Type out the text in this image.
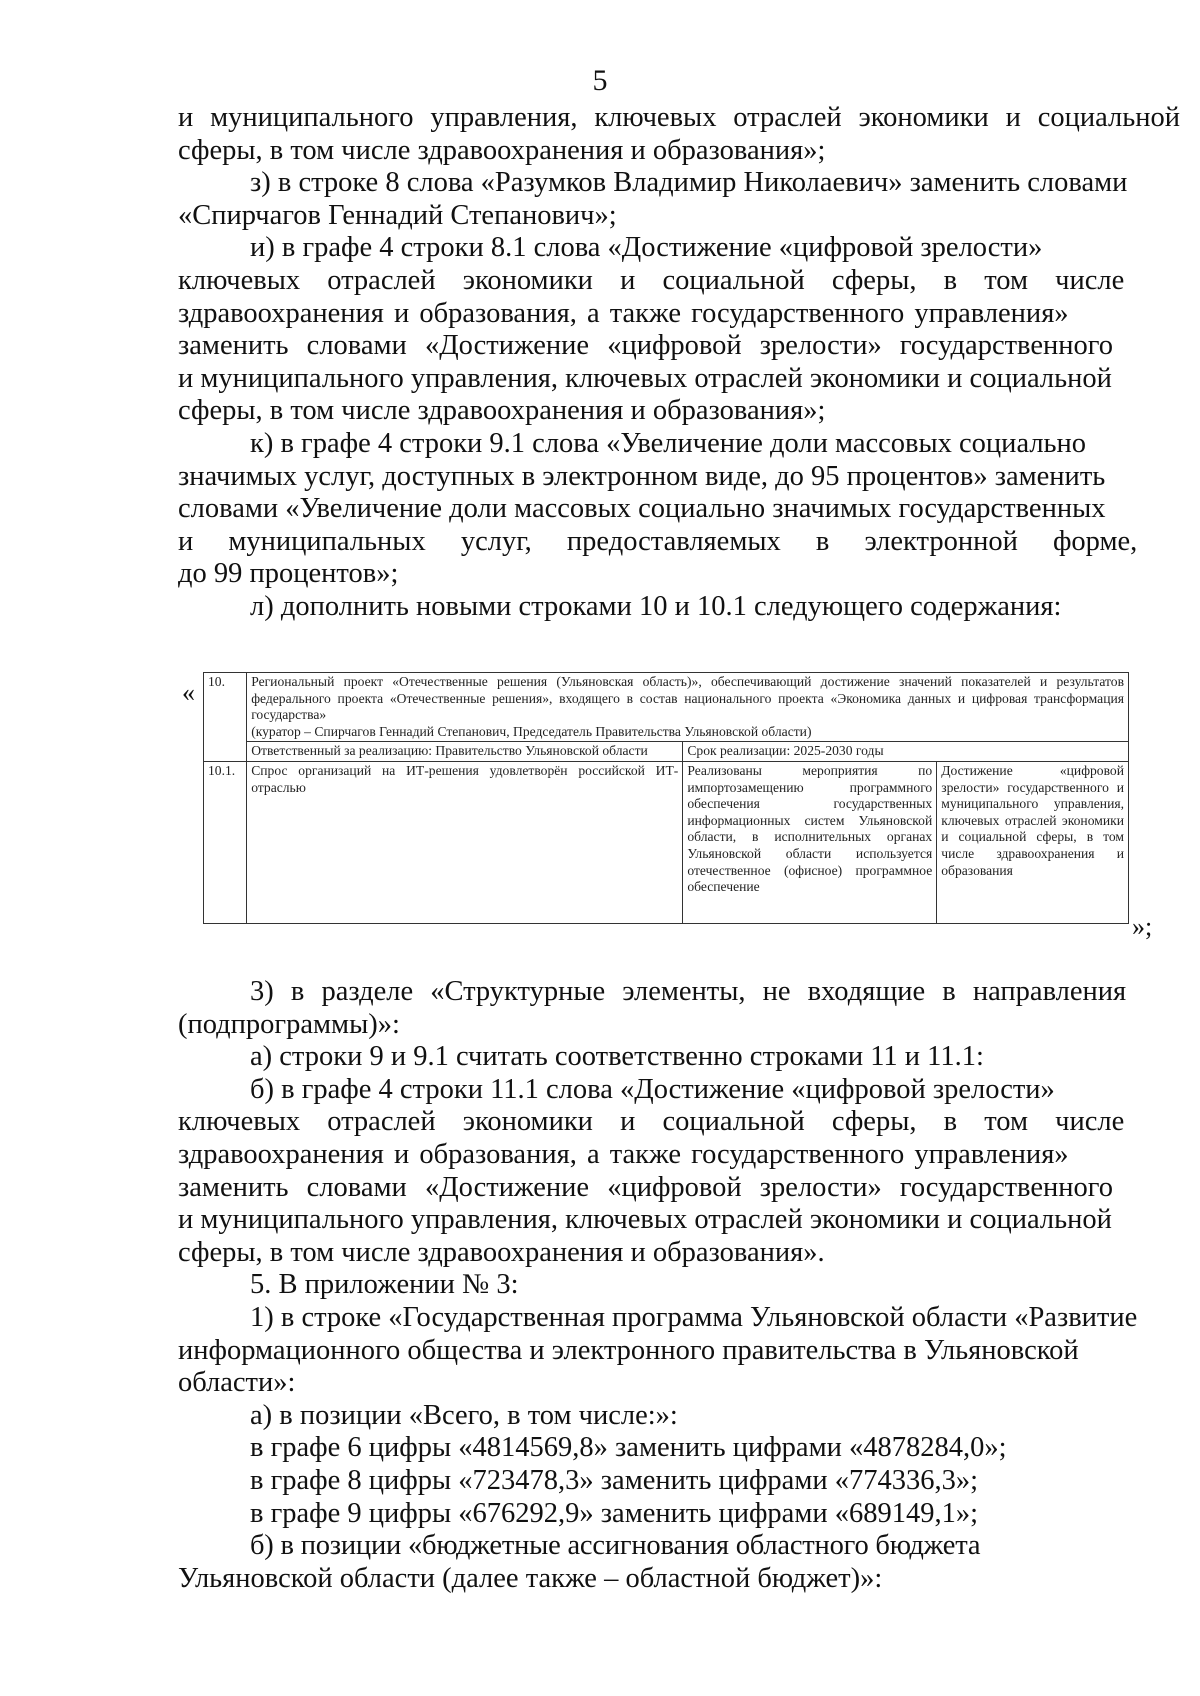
5

и муниципального управления, ключевых отраслей экономики и социальной
сферы, в том числе здравоохранения и образования»;

з) в строке 8 слова «Разумков Владимир Николаевич» заменить словами
«Спирчагов Геннадий Степанович»;

и) в графе 4 строки 8.1 слова «Достижение «цифровой зрелости»
ключевых отраслей экономики и социальной сферы, в том числе
здравоохранения и образования, а также государственного управления»
заменить словами «Достижение «цифровой зрелости» государственного
и муниципального управления, ключевых отраслей экономики и социальной
сферы, в том числе здравоохранения и образования»;

к) в графе 4 строки 9.1 слова «Увеличение доли массовых социально
значимых услуг, доступных в электронном виде, до 95 процентов» заменить
словами «Увеличение доли массовых социально значимых государственных
и муниципальных услуг, предоставляемых в электронной форме,
до 99 процентов»;

л) дополнить новыми строками 10 и 10.1 следующего содержания:

« 10.	Региональный проект «Отечественные решения (Ульяновская область)», обеспечивающий достижение значений показателей и результатов федерального проекта «Отечественные решения», входящего в состав национального проекта «Экономика данных и цифровая трансформация государства»
(куратор – Спирчагов Геннадий Степанович, Председатель Правительства Ульяновской области)		
	Ответственный за реализацию: Правительство Ульяновской области	Срок реализации: 2025-2030 годы	
10.1.	Спрос организаций на ИТ-решения удовлетворён российской ИТ-отраслью	Реализованы мероприятия по импортозамещению программного обеспечения государственных информационных систем Ульяновской области, в исполнительных органах Ульяновской области используется отечественное (офисное) программное обеспечение	Достижение «цифровой зрелости» государственного и муниципального управления, ключевых отраслей экономики и социальной сферы, в том числе здравоохранения и образования
»;

3) в разделе «Структурные элементы, не входящие в направления
(подпрограммы)»:

а) строки 9 и 9.1 считать соответственно строками 11 и 11.1:

б) в графе 4 строки 11.1 слова «Достижение «цифровой зрелости»
ключевых отраслей экономики и социальной сферы, в том числе
здравоохранения и образования, а также государственного управления»
заменить словами «Достижение «цифровой зрелости» государственного
и муниципального управления, ключевых отраслей экономики и социальной
сферы, в том числе здравоохранения и образования».

5. В приложении № 3:

1) в строке «Государственная программа Ульяновской области «Развитие
информационного общества и электронного правительства в Ульяновской
области»:

а) в позиции «Всего, в том числе:»:
в графе 6 цифры «4814569,8» заменить цифрами «4878284,0»;
в графе 8 цифры «723478,3» заменить цифрами «774336,3»;
в графе 9 цифры «676292,9» заменить цифрами «689149,1»;

б) в позиции «бюджетные ассигнования областного бюджета
Ульяновской области (далее также – областной бюджет)»:
